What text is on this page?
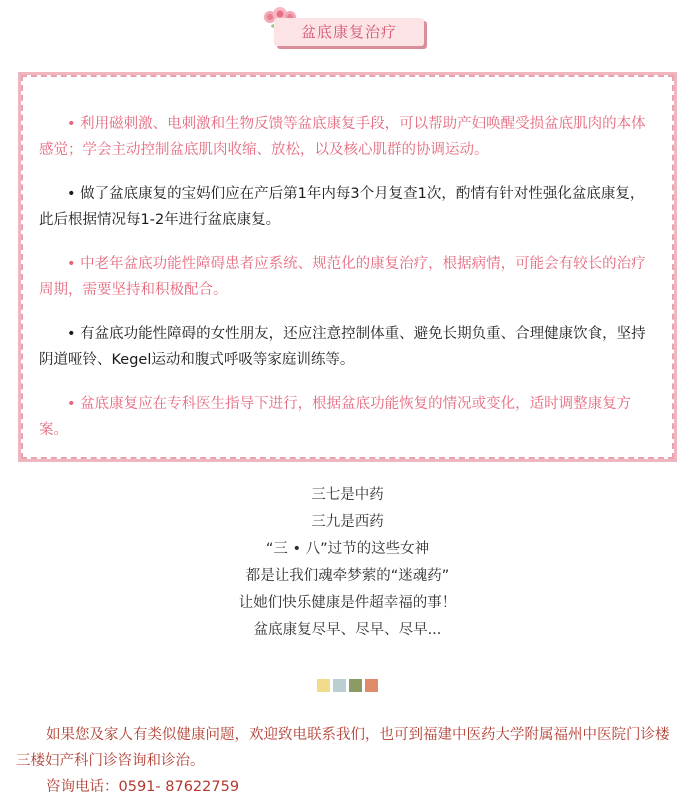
盆底康复治疗

• 利用磁刺激、电刺激和生物反馈等盆底康复手段，可以帮助产妇唤醒受损盆底肌肉的本体感觉；学会主动控制盆底肌肉收缩、放松，以及核心肌群的协调运动。

• 做了盆底康复的宝妈们应在产后第1年内每3个月复查1次，酌情有针对性强化盆底康复，此后根据情况每1-2年进行盆底康复。

• 中老年盆底功能性障碍患者应系统、规范化的康复治疗，根据病情，可能会有较长的治疗周期，需要坚持和积极配合。

• 有盆底功能性障碍的女性朋友，还应注意控制体重、避免长期负重、合理健康饮食，坚持阴道哑铃、Kegel运动和腹式呼吸等家庭训练等。

• 盆底康复应在专科医生指导下进行，根据盆底功能恢复的情况或变化，适时调整康复方案。

三七是中药
三九是西药
“三 • 八”过节的这些女神
都是让我们魂牵梦萦的“迷魂药”
让她们快乐健康是件超幸福的事！
盆底康复尽早、尽早、尽早...

如果您及家人有类似健康问题，欢迎致电联系我们，也可到福建中医药大学附属福州中医院门诊楼三楼妇产科门诊咨询和诊治。

咨询电话：0591- 87622759
